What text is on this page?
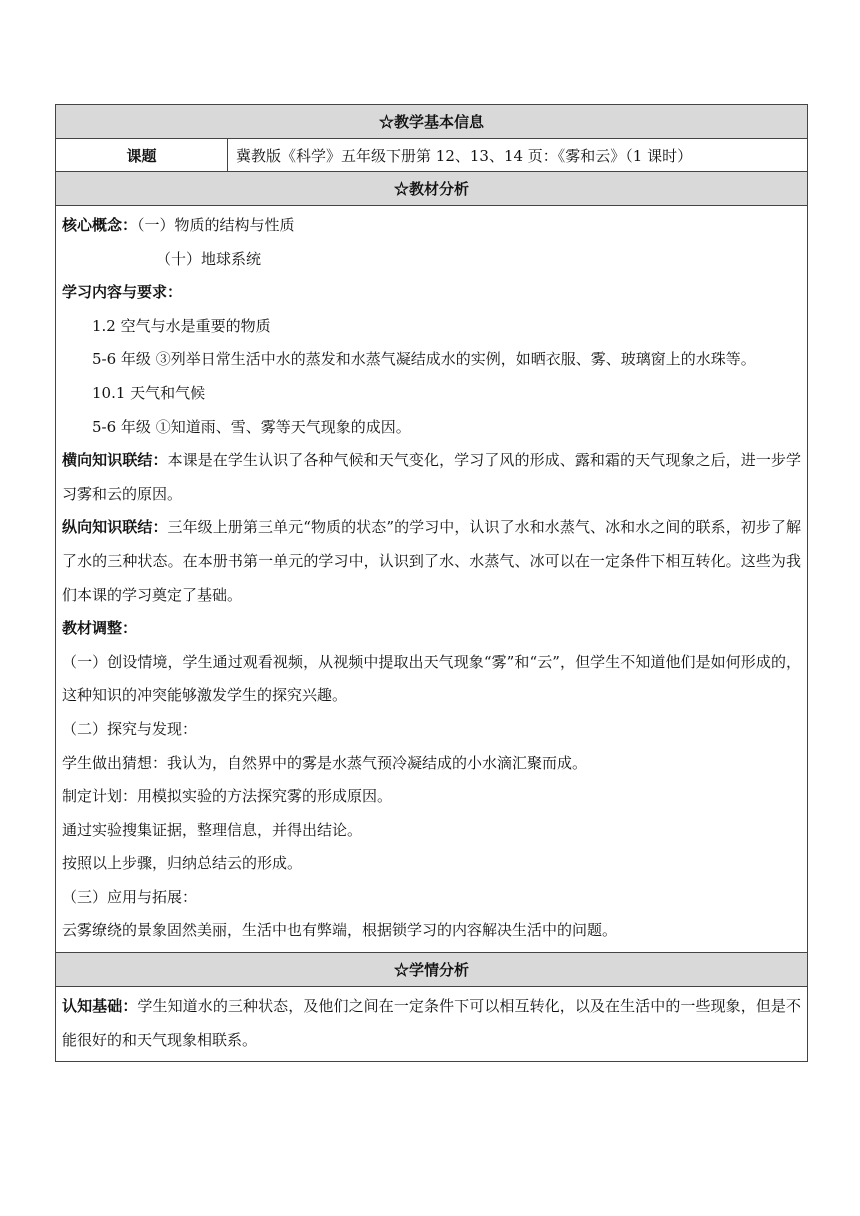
☆教学基本信息
课题	冀教版《科学》五年级下册第 12、13、14 页：《雾和云》（1 课时）
☆教材分析

核心概念：（一）物质的结构与性质

（十）地球系统

学习内容与要求：

1.2 空气与水是重要的物质

5-6 年级 ③列举日常生活中水的蒸发和水蒸气凝结成水的实例，如晒衣服、雾、玻璃窗上的水珠等。

10.1 天气和气候

5-6 年级 ①知道雨、雪、雾等天气现象的成因。

横向知识联结：本课是在学生认识了各种气候和天气变化，学习了风的形成、露和霜的天气现象之后，进一步学习雾和云的原因。

纵向知识联结：三年级上册第三单元“物质的状态”的学习中，认识了水和水蒸气、冰和水之间的联系，初步了解了水的三种状态。在本册书第一单元的学习中，认识到了水、水蒸气、冰可以在一定条件下相互转化。这些为我们本课的学习奠定了基础。

教材调整：

（一）创设情境，学生通过观看视频，从视频中提取出天气现象“雾”和“云”，但学生不知道他们是如何形成的，这种知识的冲突能够激发学生的探究兴趣。

（二）探究与发现：

学生做出猜想：我认为，自然界中的雾是水蒸气预冷凝结成的小水滴汇聚而成。

制定计划：用模拟实验的方法探究雾的形成原因。

通过实验搜集证据，整理信息，并得出结论。

按照以上步骤，归纳总结云的形成。

（三）应用与拓展：

云雾缭绕的景象固然美丽，生活中也有弊端，根据锁学习的内容解决生活中的问题。

☆学情分析

认知基础：学生知道水的三种状态，及他们之间在一定条件下可以相互转化，以及在生活中的一些现象，但是不能很好的和天气现象相联系。
